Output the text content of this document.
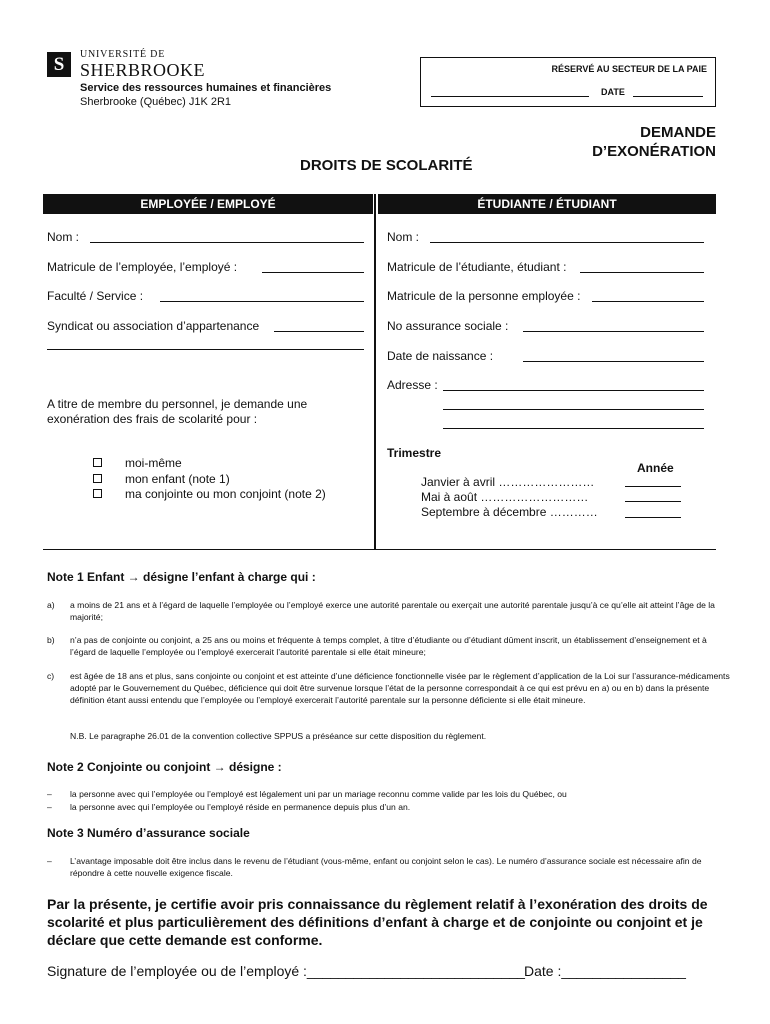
S	UNIVERSITÉ DE
SHERBROOKE
Service des ressources humaines et financières
Sherbrooke (Québec) J1K 2R1
RÉSERVÉ AU SECTEUR DE LA PAIE
DATE
DEMANDE
D’EXONÉRATION
DROITS DE SCOLARITÉ
EMPLOYÉE / EMPLOYÉ	ÉTUDIANTE / ÉTUDIANT
Nom :
Matricule de l’employée, l’employé :
Faculté / Service :
Syndicat ou association d’appartenance
A titre de membre du personnel, je demande une
exonération des frais de scolarité pour :
moi-même
mon enfant (note 1)
ma conjointe ou mon conjoint (note 2)
Nom :
Matricule de l’étudiante, étudiant :
Matricule de la personne employée :
No assurance sociale :
Date de naissance :
Adresse :
Trimestre
Année
Janvier à avril ……………………
Mai à août ………………………
Septembre à décembre …………
Note 1 Enfant → désigne l’enfant à charge qui :
a) a moins de 21 ans et à l’égard de laquelle l’employée ou l’employé exerce une autorité parentale ou exerçait une autorité parentale jusqu’à ce qu’elle ait atteint l’âge de la majorité;
b) n’a pas de conjointe ou conjoint, a 25 ans ou moins et fréquente à temps complet, à titre d’étudiante ou d’étudiant dûment inscrit, un établissement d’enseignement et à l’égard de laquelle l’employée ou l’employé exercerait l’autorité parentale si elle était mineure;
c) est âgée de 18 ans et plus, sans conjointe ou conjoint et est atteinte d’une déficience fonctionnelle visée par le règlement d’application de la Loi sur l’assurance-médicaments adopté par le Gouvernement du Québec, déficience qui doit être survenue lorsque l’état de la personne correspondait à ce qui est prévu en a) ou en b) dans la présente définition étant aussi entendu que l’employée ou l’employé exercerait l’autorité parentale sur la personne déficiente si elle était mineure.
N.B. Le paragraphe 26.01 de la convention collective SPPUS a préséance sur cette disposition du règlement.
Note 2 Conjointe ou conjoint → désigne :
– la personne avec qui l’employée ou l’employé est légalement uni par un mariage reconnu comme valide par les lois du Québec, ou
– la personne avec qui l’employée ou l’employé réside en permanence depuis plus d’un an.
Note 3 Numéro d’assurance sociale
– L’avantage imposable doit être inclus dans le revenu de l’étudiant (vous-même, enfant ou conjoint selon le cas). Le numéro d’assurance sociale est nécessaire afin de répondre à cette nouvelle exigence fiscale.
Par la présente, je certifie avoir pris connaissance du règlement relatif à l’exonération des droits de scolarité et plus particulièrement des définitions d’enfant à charge et de conjointe ou conjoint et je déclare que cette demande est conforme.
Signature de l’employée ou de l’employé :____________________________ Date :________________
